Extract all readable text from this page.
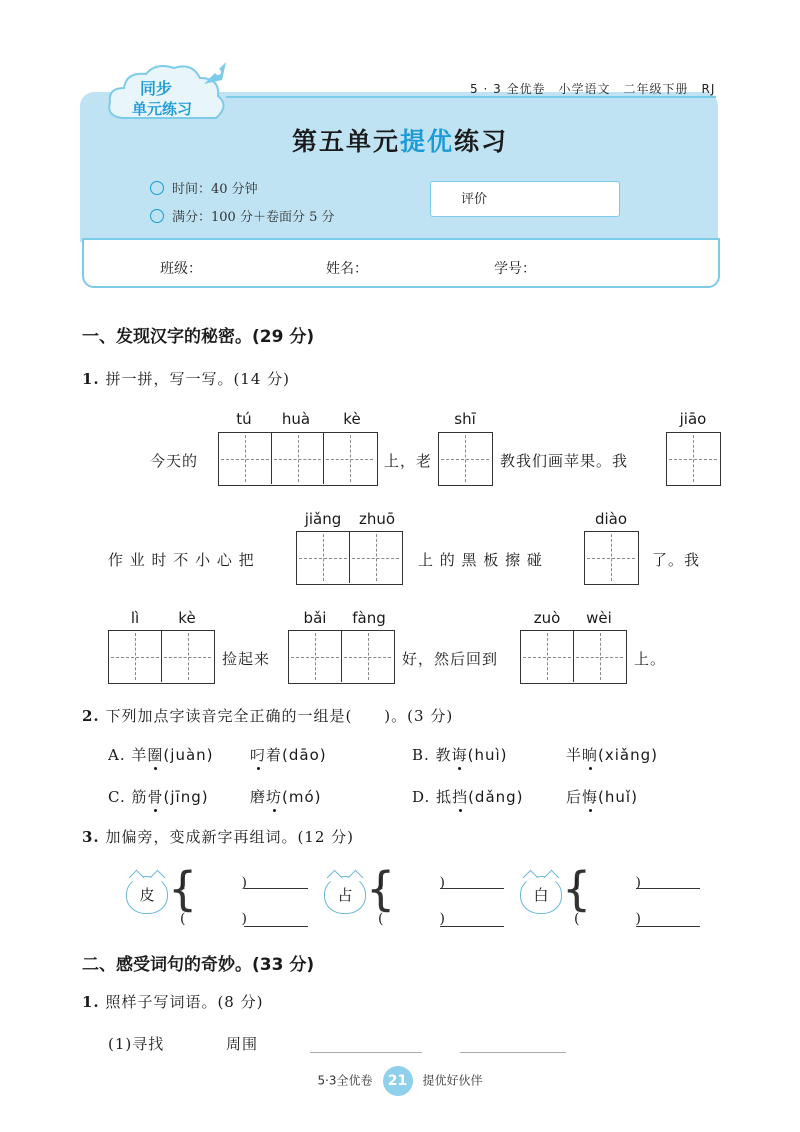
同步
单元练习
5 · 3 全优卷　小学语文　二年级下册　RJ
第五单元提优练习
时间：40 分钟
满分：100 分＋卷面分 5 分
评价
班级：	姓名：	学号：
一、发现汉字的秘密。(29 分)
1. 拼一拼，写一写。(14 分)
tú	huà	kè	shī	jiāo
今天的	上，老	教我们画苹果。我
jiǎng	zhuō	diào
作 业 时 不 小 心 把	上 的 黑 板 擦 碰	了。我
lì	kè	bǎi	fàng	zuò	wèi
捡起来	好，然后回到	上。
2. 下列加点字读音完全正确的一组是(　　)。(3 分)
A. 羊圈(juàn) 叼着(dāo)	B. 教诲(huì)	半晌(xiǎng)
C. 筋骨(jīng)	磨坊(mó)	D. 抵挡(dǎng)	后悔(huǐ)
3. 加偏旁，变成新字再组词。(12 分)
皮 {
(　　　　)
(　　　　)
占 {
(　　　　)
(　　　　)
白 {
(　　　　)
(　　　　)
二、感受词句的奇妙。(33 分)
1. 照样子写词语。(8 分)
(1)寻找	周围
5·3全优卷 21 提优好伙伴
